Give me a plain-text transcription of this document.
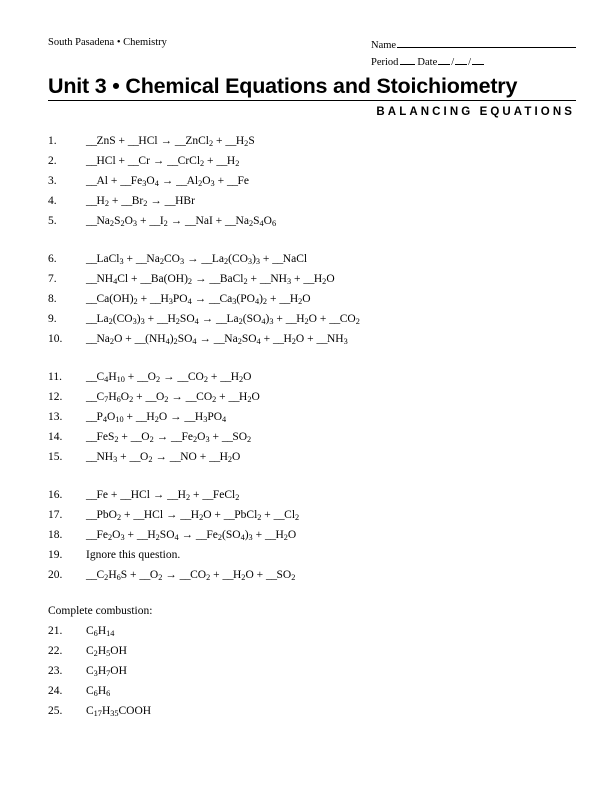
South Pasadena • Chemistry	Name
Period Date / /
Unit 3 • Chemical Equations and Stoichiometry
BALANCING EQUATIONS
1.	__ZnS + __HCl → __ZnCl$_2$ + $\_\_H_2S$
2.	__HCl + __Cr → __CrCl$_2$ + $\_\_H_2$
3.	__Al + $\_\_Fe_3O_4$ → $\_\_Al_2O_3$ + __Fe
4.	$\_\_H_2$ + $\_\_Br_2$ → __HBr
5.	$\_\_Na_2S_2O_3$ + $\_\_I_2$ → __NaI + $\_\_Na_2S_4O_6$
6.	__LaCl$_3$ + $\_\_Na_2CO_3$ → $\_\_La_2(CO_3)_3$ + __NaCl
7.	$\_\_NH_4Cl$ + $\_\_Ba(OH)_2$ → __BaCl$_2$ + $\_\_NH_3$ + $\_\_H_2O$
8.	$\_\_Ca(OH)_2$ + $\_\_H_3PO_4$ → $\_\_Ca_3(PO_4)_2$ + $\_\_H_2O$
9.	$\_\_La_2(CO_3)_3$ + $\_\_H_2SO_4$ → $\_\_La_2(SO_4)_3$ + $\_\_H_2O$ + $\_\_CO_2$
10.	$\_\_Na_2O$ + $\_\_(NH_4)_2SO_4$ → $\_\_Na_2SO_4$ + $\_\_H_2O$ + $\_\_NH_3$
11.	$\_\_C_4H_{10}$ + $\_\_O_2$ → $\_\_CO_2$ + $\_\_H_2O$
12.	$\_\_C_7H_6O_2$ + $\_\_O_2$ → $\_\_CO_2$ + $\_\_H_2O$
13.	$\_\_P_4O_{10}$ + $\_\_H_2O$ → $\_\_H_3PO_4$
14.	__FeS$_2$ + $\_\_O_2$ → $\_\_Fe_2O_3$ + $\_\_SO_2$
15.	$\_\_NH_3$ + $\_\_O_2$ → __NO + $\_\_H_2O$
16.	__Fe + __HCl → $\_\_H_2$ + __FeCl$_2$
17.	__PbO$_2$ + __HCl → $\_\_H_2O$ + __PbCl$_2$ + $\_\_Cl_2$
18.	$\_\_Fe_2O_3$ + $\_\_H_2SO_4$ → $\_\_Fe_2(SO_4)_3$ + $\_\_H_2O$
19.	Ignore this question.
20.	$\_\_C_2H_6S$ + $\_\_O_2$ → $\_\_CO_2$ + $\_\_H_2O$ + $\_\_SO_2$
Complete combustion:
21.	$C_6H_{14}$
22.	$C_2H_5OH$
23.	$C_3H_7OH$
24.	$C_6H_6$
25.	$C_{17}H_{35}COOH$
